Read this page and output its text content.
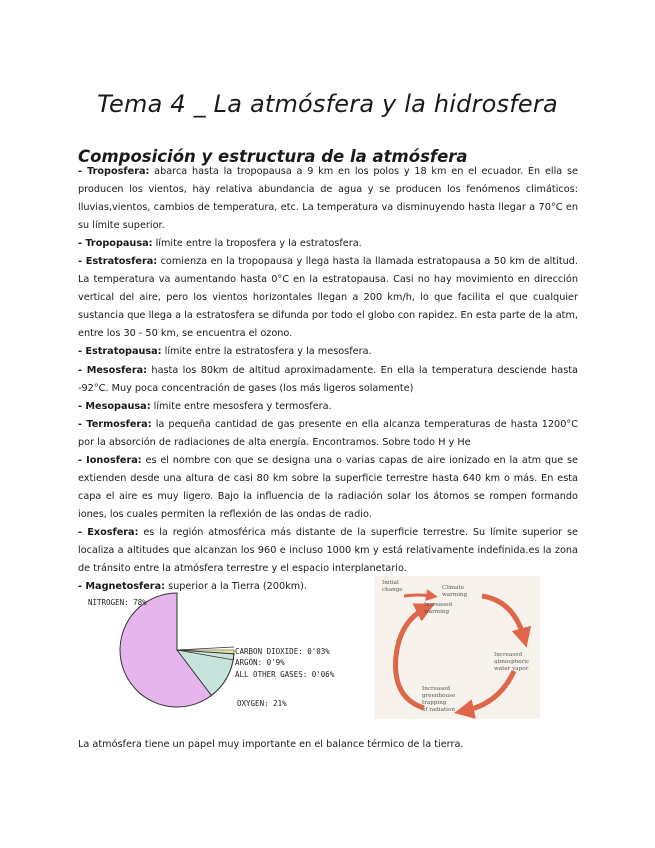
Tema 4 _ La atmósfera y la hidrosfera
Composición y estructura de la atmósfera

- Troposfera: abarca hasta la tropopausa a 9 km en los polos y 18 km en el ecuador. En ella se producen los vientos, hay relativa abundancia de agua y se producen los fenómenos climáticos: lluvias,vientos, cambios de temperatura, etc. La temperatura va disminuyendo hasta llegar a 70°C en su límite superior.

- Tropopausa: límite entre la troposfera y la estratosfera.

- Estratosfera: comienza en la tropopausa y llega hasta la llamada estratopausa a 50 km de altitud. La temperatura va aumentando hasta 0°C en la estratopausa. Casi no hay movimiento en dirección vertical del aire, pero los vientos horizontales llegan a 200 km/h, lo que facilita el que cualquier sustancia que llega a la estratosfera se difunda por todo el globo con rapidez. En esta parte de la atm, entre los 30 - 50 km, se encuentra el ozono.

- Estratopausa: límite entre la estratosfera y la mesosfera.

- Mesosfera: hasta los 80km de altitud aproximadamente. En ella la temperatura desciende hasta -92°C. Muy poca concentración de gases (los más ligeros solamente)

- Mesopausa: límite entre mesosfera y termosfera.

- Termosfera: la pequeña cantidad de gas presente en ella alcanza temperaturas de hasta 1200°C por la absorción de radiaciones de alta energía. Encontramos. Sobre todo H y He

- Ionosfera: es el nombre con que se designa una o varias capas de aire ionizado en la atm que se extienden desde una altura de casi 80 km sobre la superficie terrestre hasta 640 km o más. En esta capa el aire es muy ligero. Bajo la influencia de la radiación solar los átomos se rompen formando iones, los cuales permiten la reflexión de las ondas de radio.

- Exosfera: es la región atmosférica más distante de la superficie terrestre. Su límite superior se localiza a altitudes que alcanzan los 960 e incluso 1000 km y está relativamente indefinida.es la zona de tránsito entre la atmósfera terrestre y el espacio interplanetario.

- Magnetosfera: superior a la Tierra (200km).

NITROGEN: 78%
CARBON DIOXIDE: 0'03%
ARGON: 0'9%
ALL OTHER GASES: 0'06%
OXYGEN: 21%
Initial change	Climate warming
Increased warming
Increased atmospheric water vapor
Increased greenhouse trapping of radiation

La atmósfera tiene un papel muy importante en el balance térmico de la tierra.
